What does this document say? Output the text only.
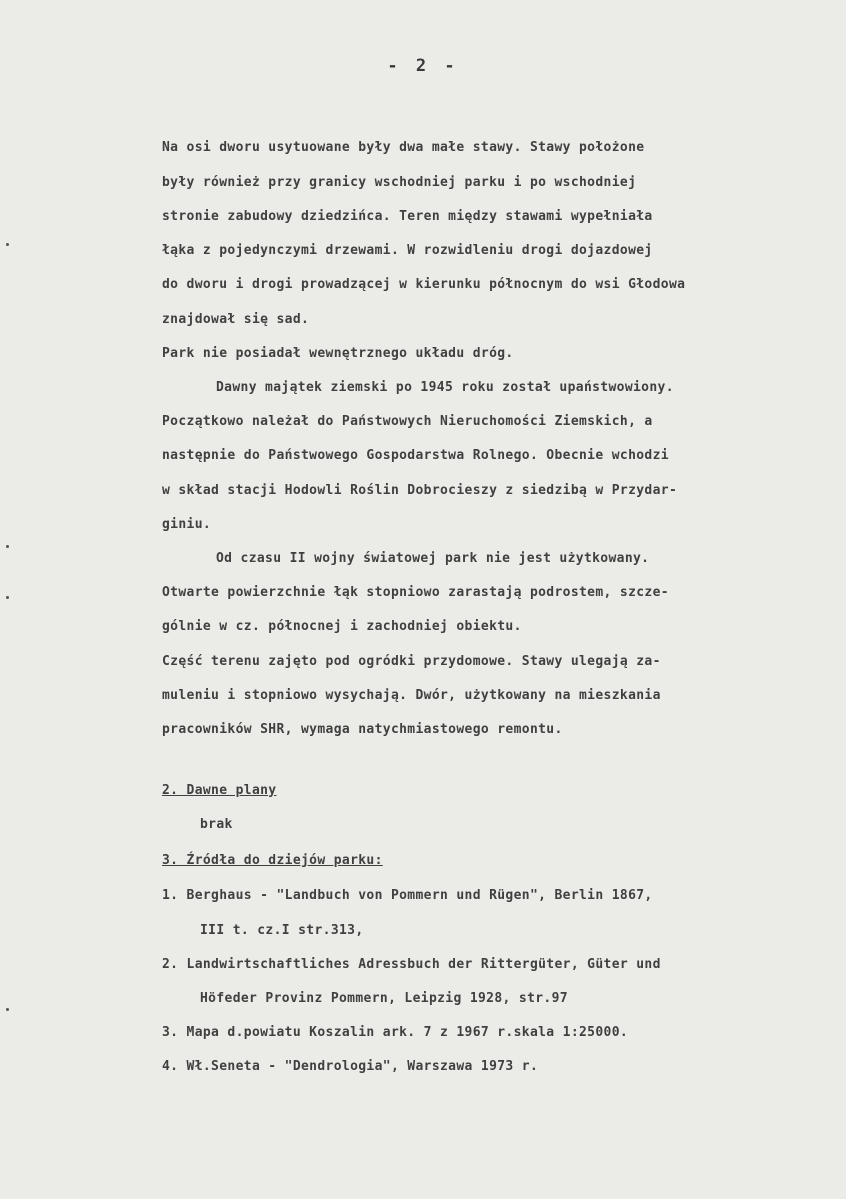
- 2 -
Na osi dworu usytuowane były dwa małe stawy. Stawy położone
były również przy granicy wschodniej parku i po wschodniej
stronie zabudowy dziedzińca. Teren między stawami wypełniała
łąka z pojedynczymi drzewami. W rozwidleniu drogi dojazdowej
do dworu i drogi prowadzącej w kierunku północnym do wsi Głodowa
znajdował się sad.
Park nie posiadał wewnętrznego układu dróg.
Dawny majątek ziemski po 1945 roku został upaństwowiony.
Początkowo należał do Państwowych Nieruchomości Ziemskich, a
następnie do Państwowego Gospodarstwa Rolnego. Obecnie wchodzi
w skład stacji Hodowli Roślin Dobrocieszy z siedzibą w Przydar-
giniu.
Od czasu II wojny światowej park nie jest użytkowany.
Otwarte powierzchnie łąk stopniowo zarastają podrostem, szcze-
gólnie w cz. północnej i zachodniej obiektu.
Część terenu zajęto pod ogródki przydomowe. Stawy ulegają za-
muleniu i stopniowo wysychają. Dwór, użytkowany na mieszkania
pracowników SHR, wymaga natychmiastowego remontu.
2. Dawne plany
brak
3. Źródła do dziejów parku:
1. Berghaus - "Landbuch von Pommern und Rügen", Berlin 1867,
III t. cz.I str.313,
2. Landwirtschaftliches Adressbuch der Rittergüter, Güter und
Höfeder Provinz Pommern, Leipzig 1928, str.97
3. Mapa d.powiatu Koszalin ark. 7 z 1967 r.skala 1:25000.
4. Wł.Seneta - "Dendrologia", Warszawa 1973 r.
